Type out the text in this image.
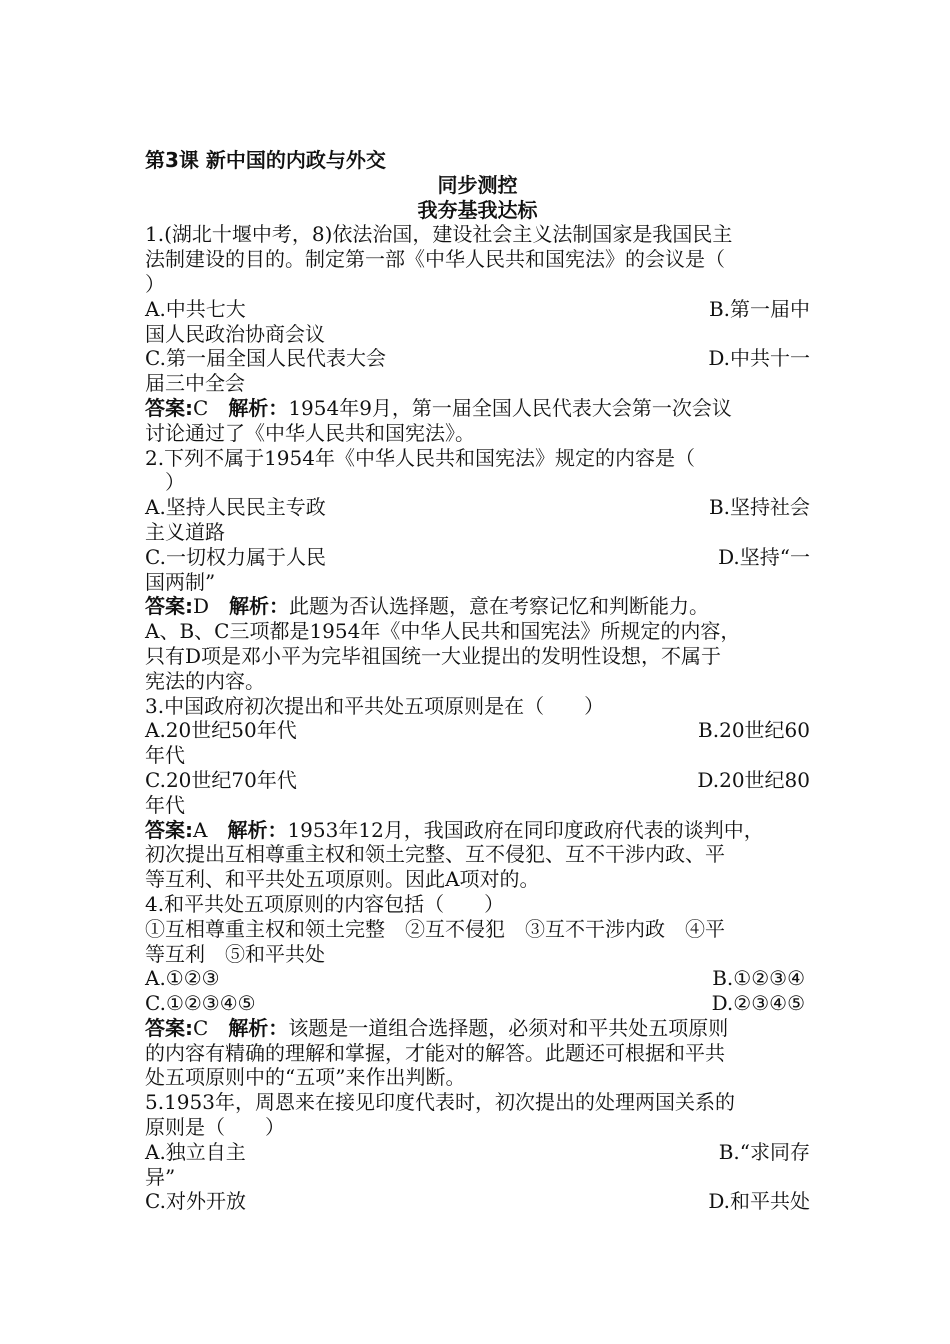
第3课 新中国的内政与外交
同步测控
我夯基我达标
1.(湖北十堰中考，8)依法治国，建设社会主义法制国家是我国民主
法制建设的目的。制定第一部《中华人民共和国宪法》的会议是（
）
A.中共七大	B.第一届中
国人民政治协商会议
C.第一届全国人民代表大会	D.中共十一
届三中全会
答案:C　解析：1954年9月，第一届全国人民代表大会第一次会议
讨论通过了《中华人民共和国宪法》。
2.下列不属于1954年《中华人民共和国宪法》规定的内容是（
　）
A.坚持人民民主专政	B.坚持社会
主义道路
C.一切权力属于人民	D.坚持“一
国两制”
答案:D　解析：此题为否认选择题，意在考察记忆和判断能力。
A、B、C三项都是1954年《中华人民共和国宪法》所规定的内容，
只有D项是邓小平为完毕祖国统一大业提出的发明性设想，不属于
宪法的内容。
3.中国政府初次提出和平共处五项原则是在（　　）
A.20世纪50年代	B.20世纪60
年代
C.20世纪70年代	D.20世纪80
年代
答案:A　解析：1953年12月，我国政府在同印度政府代表的谈判中，
初次提出互相尊重主权和领土完整、互不侵犯、互不干涉内政、平
等互利、和平共处五项原则。因此A项对的。
4.和平共处五项原则的内容包括（　　）
①互相尊重主权和领土完整　②互不侵犯　③互不干涉内政　④平
等互利　⑤和平共处
A.①②③	B.①②③④
C.①②③④⑤	D.②③④⑤
答案:C　解析：该题是一道组合选择题，必须对和平共处五项原则
的内容有精确的理解和掌握，才能对的解答。此题还可根据和平共
处五项原则中的“五项”来作出判断。
5.1953年，周恩来在接见印度代表时，初次提出的处理两国关系的
原则是（　　）
A.独立自主	B.“求同存
异”
C.对外开放	D.和平共处
